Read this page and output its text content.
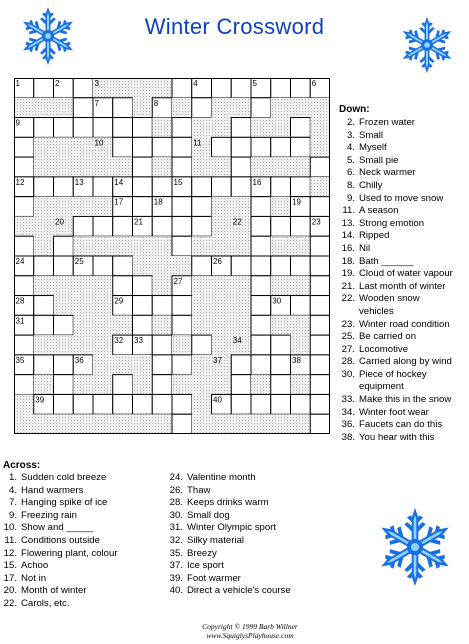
Winter Crossword
1	2	3	4	5	6
7	8
9
10	11
12	13	14	15	16
17	18	19
20	21	22	23
24	25	26
27
28	29	30
31
32 33	34
35	36	37	38
39	40
Down:
2. Frozen water
3. Small
4. Myself
5. Small pie
6. Neck warmer
8. Chilly
9. Used to move snow
11. A season
13. Strong emotion
14. Ripped
16. Nil
18. Bath ______
19. Cloud of water vapour
21. Last month of winter
22. Wooden snow
vehicles
23. Winter road condition
25. Be carried on
27. Locomotive
28. Carried along by wind
30. Piece of hockey
equipment
33. Make this in the snow
34. Winter foot wear
36. Faucets can do this
38. You hear with this
Across:
1. Sudden cold breeze
4. Hand warmers
7. Hanging spike of ice
9. Freezing rain
10. Show and _____
11. Conditions outside
12. Flowering plant, colour
15. Achoo
17. Not in
20. Month of winter
22. Carols, etc.
24. Valentine month
26. Thaw
28. Keeps drinks warm
30. Small dog
31. Winter Olympic sport
32. Silky material
35. Breezy
37. Ice sport
39. Foot warmer
40. Direct a vehicle's course
Copyright © 1999 Barb Willner
www.SquiglysPlayhouse.com
